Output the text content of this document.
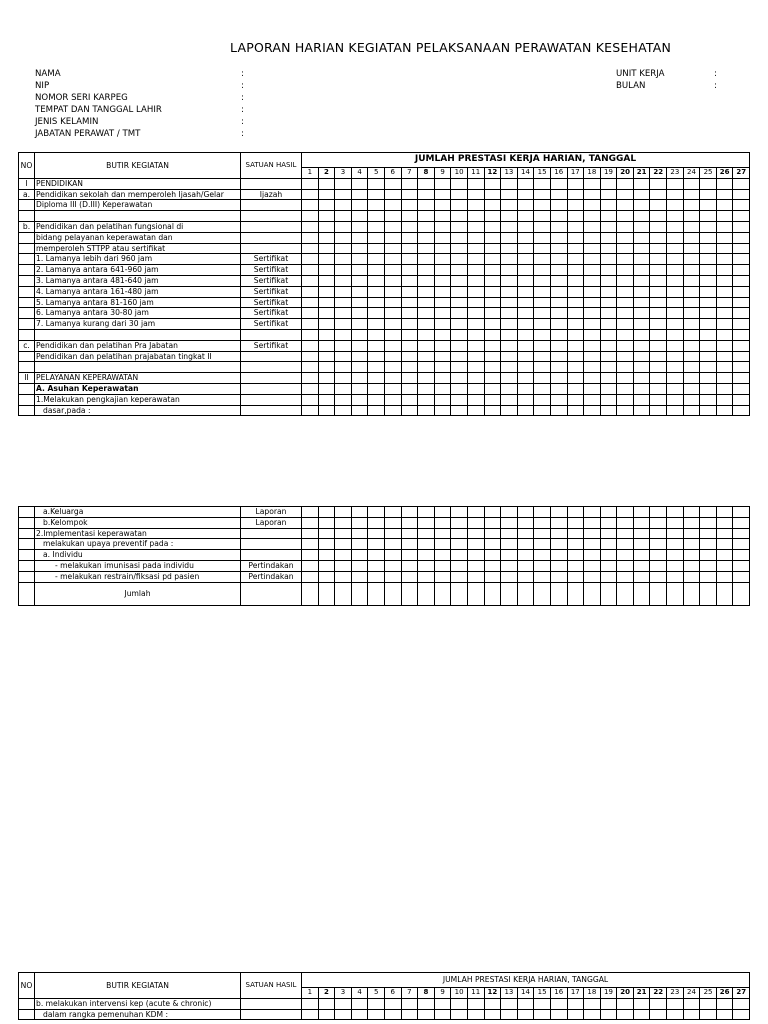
LAPORAN HARIAN KEGIATAN PELAKSANAAN PERAWATAN KESEHATAN
NAMA	:
NIP	:
NOMOR SERI KARPEG	:
TEMPAT DAN TANGGAL LAHIR	:
JENIS KELAMIN	:
JABATAN PERAWAT / TMT	:
UNIT KERJA	:
BULAN	:
NO	BUTIR KEGIATAN	SATUAN HASIL	JUMLAH PRESTASI KERJA HARIAN, TANGGAL																										
			1	2	3	4	5	6	7	8	9	10	11	12	13	14	15	16	17	18	19	20	21	22	23	24	25	26	27
I	PENDIDIKAN																												
a.	Pendidikan sekolah dan memperoleh Ijasah/Gelar	Ijazah																											
	Diploma III (D.III) Keperawatan																												

b.	Pendidikan dan pelatihan fungsional di																												
	bidang pelayanan keperawatan dan																												
	memperoleh STTPP atau sertifikat																												
	1. Lamanya lebih dari 960 jam	Sertifikat																											
	2. Lamanya antara 641-960 jam	Sertifikat																											
	3. Lamanya antara 481-640 jam	Sertifikat																											
	4. Lamanya antara 161-480 jam	Sertifikat																											
	5. Lamanya antara 81-160 jam	Sertifikat																											
	6. Lamanya antara 30-80 jam	Sertifikat																											
	7. Lamanya kurang dari 30 jam	Sertifikat																											

c.	Pendidikan dan pelatihan Pra Jabatan	Sertifikat																											
	Pendidikan dan pelatihan prajabatan tingkat II																												

II	PELAYANAN KEPERAWATAN																												
	A. Asuhan Keperawatan																												
	1.Melakukan pengkajian keperawatan																												
	dasar,pada :																												
	a.Keluarga	Laporan																											
	b.Kelompok	Laporan																											
	2.Implementasi keperawatan																												
	melakukan upaya preventif pada :																												
	a. Individu																												
	- melakukan imunisasi pada individu	Pertindakan																											
	- melakukan restrain/fiksasi pd pasien	Pertindakan																											
	Jumlah																												
NO	BUTIR KEGIATAN	SATUAN HASIL	JUMLAH PRESTASI KERJA HARIAN, TANGGAL																										
			1	2	3	4	5	6	7	8	9	10	11	12	13	14	15	16	17	18	19	20	21	22	23	24	25	26	27
	b. melakukan intervensi kep (acute & chronic)																												
	dalam rangka pemenuhan KDM :																												
